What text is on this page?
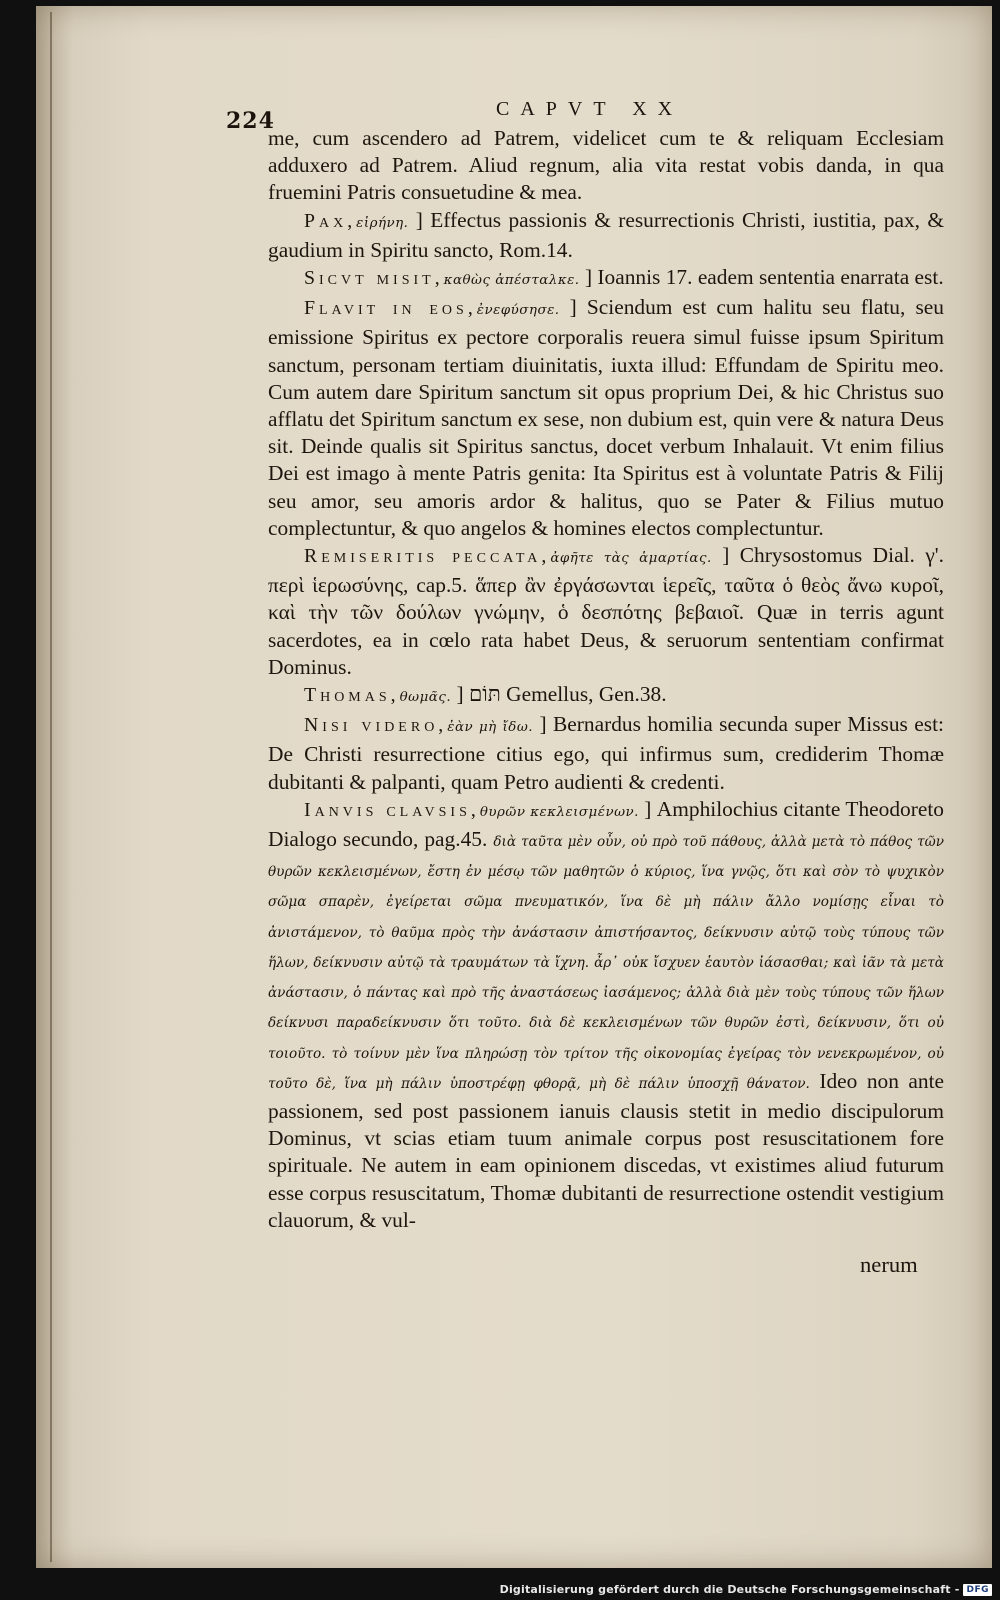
224	CAPVT XX

me, cum ascendero ad Patrem, videlicet cum te & reliquam Ecclesiam adduxero ad Patrem. Aliud regnum, alia vita restat vobis danda, in qua fruemini Patris consuetudine & mea.

Pax,εἰρήνη. ] Effectus passionis & resurrectionis Christi, iustitia, pax, & gaudium in Spiritu sancto, Rom.14.

Sicvt misit,καθὼς ἀπέσταλκε. ] Ioannis 17. eadem sententia enarrata est.

Flavit in eos,ἐνεφύσησε. ] Sciendum est cum halitu seu flatu, seu emissione Spiritus ex pectore corporalis reuera simul fuisse ipsum Spiritum sanctum, personam tertiam diuinitatis, iuxta illud: Effundam de Spiritu meo. Cum autem dare Spiritum sanctum sit opus proprium Dei, & hic Christus suo afflatu det Spiritum sanctum ex sese, non dubium est, quin vere & natura Deus sit. Deinde qualis sit Spiritus sanctus, docet verbum Inhalauit. Vt enim filius Dei est imago à mente Patris genita: Ita Spiritus est à voluntate Patris & Filij seu amor, seu amoris ardor & halitus, quo se Pater & Filius mutuo complectuntur, & quo angelos & homines electos complectuntur.

Remiseritis peccata,ἀφῆτε τὰς ἁμαρτίας. ] Chrysostomus Dial. γ'. περὶ ἱερωσύνης, cap.5. ἅπερ ἂν ἐργάσωνται ἱερεῖς, ταῦτα ὁ θεὸς ἄνω κυροῖ, καὶ τὴν τῶν δούλων γνώμην, ὁ δεσπότης βεβαιοῖ. Quæ in terris agunt sacerdotes, ea in cœlo rata habet Deus, & seruorum sententiam confirmat Dominus.

Thomas,θωμᾶς. ] תּוֹם Gemellus, Gen.38.

Nisi videro,ἐὰν μὴ ἴδω. ] Bernardus homilia secunda super Missus est: De Christi resurrectione citius ego, qui infirmus sum, crediderim Thomæ dubitanti & palpanti, quam Petro audienti & credenti.

Ianvis clavsis,θυρῶν κεκλεισμένων. ] Amphilochius citante Theodoreto Dialogo secundo, pag.45. διὰ ταῦτα μὲν οὖν, οὐ πρὸ τοῦ πάθους, ἀλλὰ μετὰ τὸ πάθος τῶν θυρῶν κεκλεισμένων, ἔστη ἐν μέσῳ τῶν μαθητῶν ὁ κύριος, ἵνα γνῷς, ὅτι καὶ σὸν τὸ ψυχικὸν σῶμα σπαρὲν, ἐγείρεται σῶμα πνευματικόν, ἵνα δὲ μὴ πάλιν ἄλλο νομίσῃς εἶναι τὸ ἀνιστάμενον, τὸ θαῦμα πρὸς τὴν ἀνάστασιν ἀπιστήσαντος, δείκνυσιν αὐτῷ τοὺς τύπους τῶν ἥλων, δείκνυσιν αὐτῷ τὰ τραυμάτων τὰ ἴχνη. ἆρ᾽ οὐκ ἴσχυεν ἑαυτὸν ἰάσασθαι; καὶ ἰᾶν τὰ μετὰ ἀνάστασιν, ὁ πάντας καὶ πρὸ τῆς ἀναστάσεως ἰασάμενος; ἀλλὰ διὰ μὲν τοὺς τύπους τῶν ἥλων δείκνυσι παραδείκνυσιν ὅτι τοῦτο. διὰ δὲ κεκλεισμένων τῶν θυρῶν ἐστὶ, δείκνυσιν, ὅτι οὐ τοιοῦτο. τὸ τοίνυν μὲν ἵνα πληρώσῃ τὸν τρίτον τῆς οἰκονομίας ἐγείρας τὸν νενεκρωμένον, οὐ τοῦτο δὲ, ἵνα μὴ πάλιν ὑποστρέφῃ φθορᾷ, μὴ δὲ πάλιν ὑποσχῇ θάνατον. Ideo non ante passionem, sed post passionem ianuis clausis stetit in medio discipulorum Dominus, vt scias etiam tuum animale corpus post resuscitationem fore spirituale. Ne autem in eam opinionem discedas, vt existimes aliud futurum esse corpus resuscitatum, Thomæ dubitanti de resurrectione ostendit vestigium clauorum, & vul-

nerum
Digitalisierung gefördert durch die Deutsche Forschungsgemeinschaft - DFG
